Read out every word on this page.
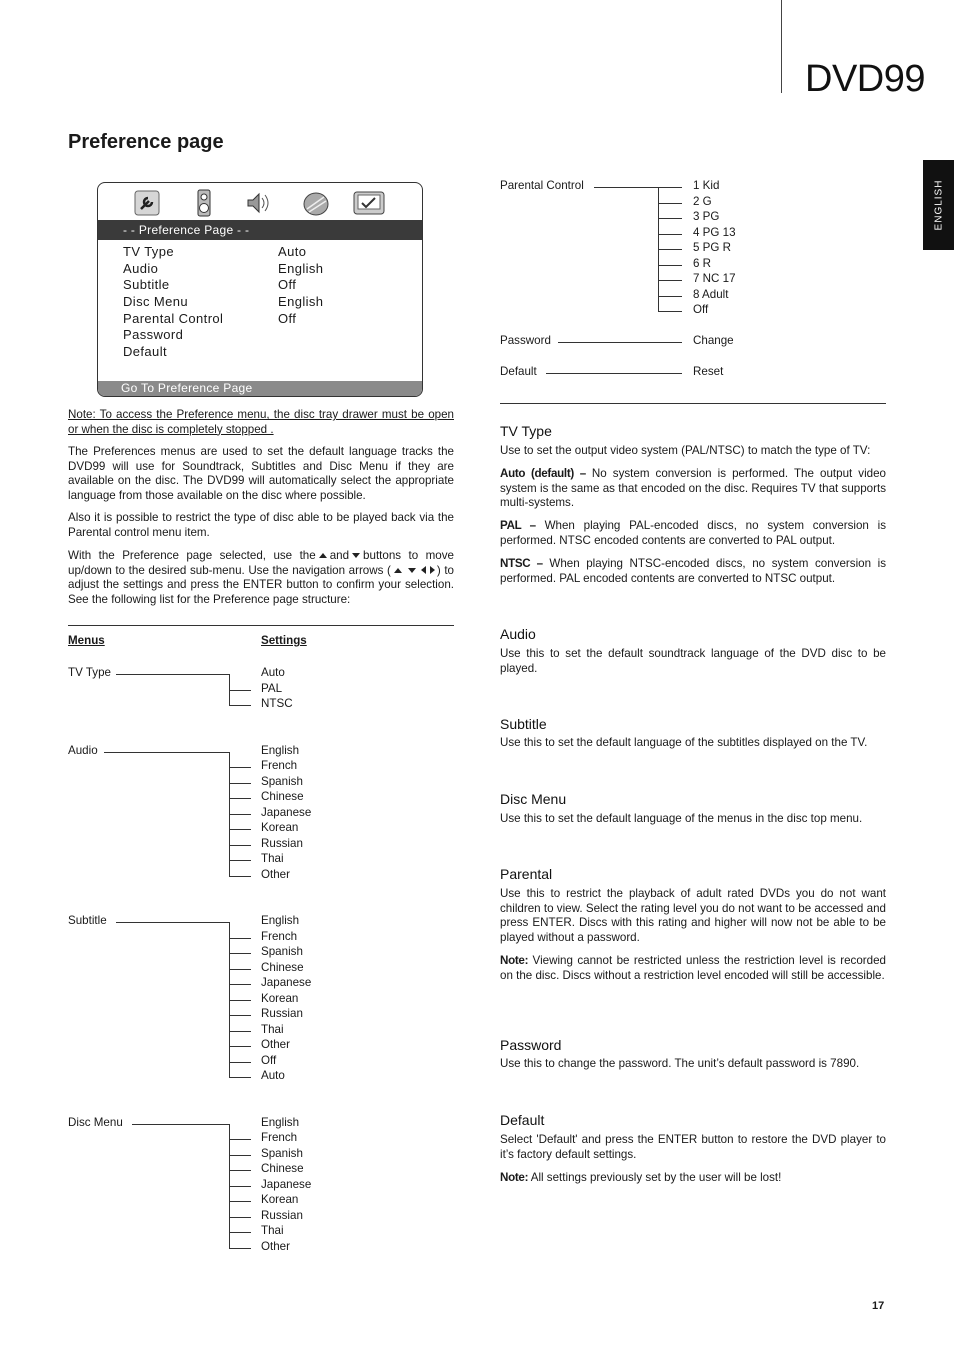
DVD99
ENGLISH
Preference page
- - Preference Page - -
TV Type	Auto
Audio	English
Subtitle	Off
Disc Menu	English
Parental Control	Off
Password
Default
Go To Preference Page

Note: To access the Preference menu, the disc tray drawer must be open or when the disc is completely stopped .

The Preferences menus are used to set the default language tracks the DVD99 will use for Soundtrack, Subtitles and Disc Menu if they are available on the disc. The DVD99 will automatically select the appropriate language from those available on the disc where possible.

Also it is possible to restrict the type of disc able to be played back via the Parental control menu item.

With the Preference page selected, use the and buttons to move up/down to the desired sub-menu. Use the navigation arrows (	) to adjust the settings and press the ENTER button to confirm your selection. See the following list for the Preference page structure:

Menus	Settings
TV Type	Auto
PAL
NTSC
Audio	English
French
Spanish
Chinese
Japanese
Korean
Russian
Thai
Other
Subtitle	English
French
Spanish
Chinese
Japanese
Korean
Russian
Thai
Other
Off
Auto
Disc Menu	English
French
Spanish
Chinese
Japanese
Korean
Russian
Thai
Other
Parental Control	1 Kid
2 G
3 PG
4 PG 13
5 PG R
6 R
7 NC 17
8 Adult
Off
Password	Change
Default	Reset
TV Type

Use to set the output video system (PAL/NTSC) to match the type of TV:

Auto (default) – No system conversion is performed. The output video system is the same as that encoded on the disc. Requires TV that supports multi-systems.

PAL – When playing PAL-encoded discs, no system conversion is performed. NTSC encoded contents are converted to PAL output.

NTSC – When playing NTSC-encoded discs, no system conversion is performed. PAL encoded contents are converted to NTSC output.

Audio

Use this to set the default soundtrack language of the DVD disc to be played.

Subtitle

Use this to set the default language of the subtitles displayed on the TV.

Disc Menu

Use this to set the default language of the menus in the disc top menu.

Parental

Use this to restrict the playback of adult rated DVDs you do not want children to view. Select the rating level you do not want to be accessed and press ENTER. Discs with this rating and higher will now not be able to be played without a password.

Note: Viewing cannot be restricted unless the restriction level is recorded on the disc. Discs without a restriction level encoded will still be accessible.

Password

Use this to change the password. The unit’s default password is 7890.

Default

Select 'Default' and press the ENTER button to restore the DVD player to it’s factory default settings.

Note: All settings previously set by the user will be lost!

17
